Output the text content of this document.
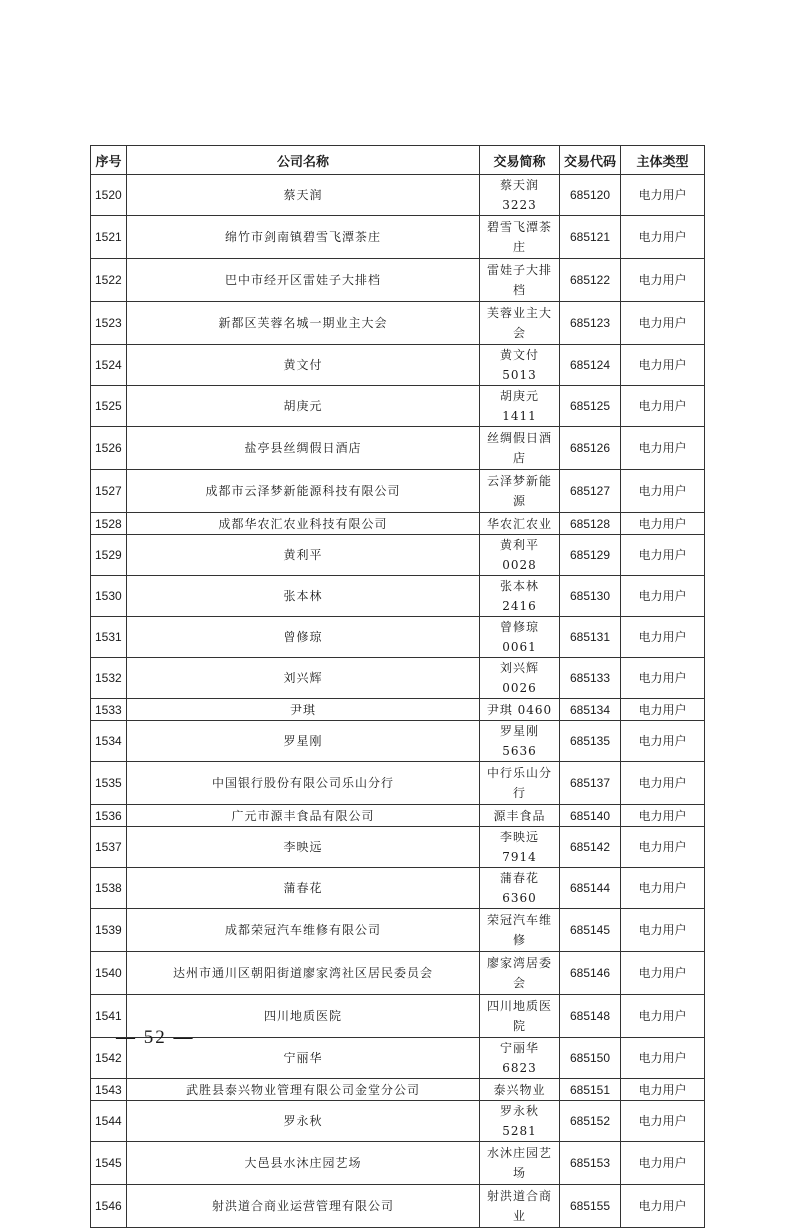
序号	公司名称	交易简称	交易代码	主体类型
1520	蔡天润	蔡天润 3223	685120	电力用户
1521	绵竹市剑南镇碧雪飞潭茶庄	碧雪飞潭茶庄	685121	电力用户
1522	巴中市经开区雷娃子大排档	雷娃子大排档	685122	电力用户
1523	新都区芙蓉名城一期业主大会	芙蓉业主大会	685123	电力用户
1524	黄文付	黄文付 5013	685124	电力用户
1525	胡庚元	胡庚元 1411	685125	电力用户
1526	盐亭县丝绸假日酒店	丝绸假日酒店	685126	电力用户
1527	成都市云泽梦新能源科技有限公司	云泽梦新能源	685127	电力用户
1528	成都华农汇农业科技有限公司	华农汇农业	685128	电力用户
1529	黄利平	黄利平 0028	685129	电力用户
1530	张本林	张本林 2416	685130	电力用户
1531	曾修琼	曾修琼 0061	685131	电力用户
1532	刘兴辉	刘兴辉 0026	685133	电力用户
1533	尹琪	尹琪 0460	685134	电力用户
1534	罗星刚	罗星刚 5636	685135	电力用户
1535	中国银行股份有限公司乐山分行	中行乐山分行	685137	电力用户
1536	广元市源丰食品有限公司	源丰食品	685140	电力用户
1537	李映远	李映远 7914	685142	电力用户
1538	蒲春花	蒲春花 6360	685144	电力用户
1539	成都荣冠汽车维修有限公司	荣冠汽车维修	685145	电力用户
1540	达州市通川区朝阳街道廖家湾社区居民委员会	廖家湾居委会	685146	电力用户
1541	四川地质医院	四川地质医院	685148	电力用户
1542	宁丽华	宁丽华 6823	685150	电力用户
1543	武胜县泰兴物业管理有限公司金堂分公司	泰兴物业	685151	电力用户
1544	罗永秋	罗永秋 5281	685152	电力用户
1545	大邑县水沐庄园艺场	水沐庄园艺场	685153	电力用户
1546	射洪道合商业运营管理有限公司	射洪道合商业	685155	电力用户
— 52 —
